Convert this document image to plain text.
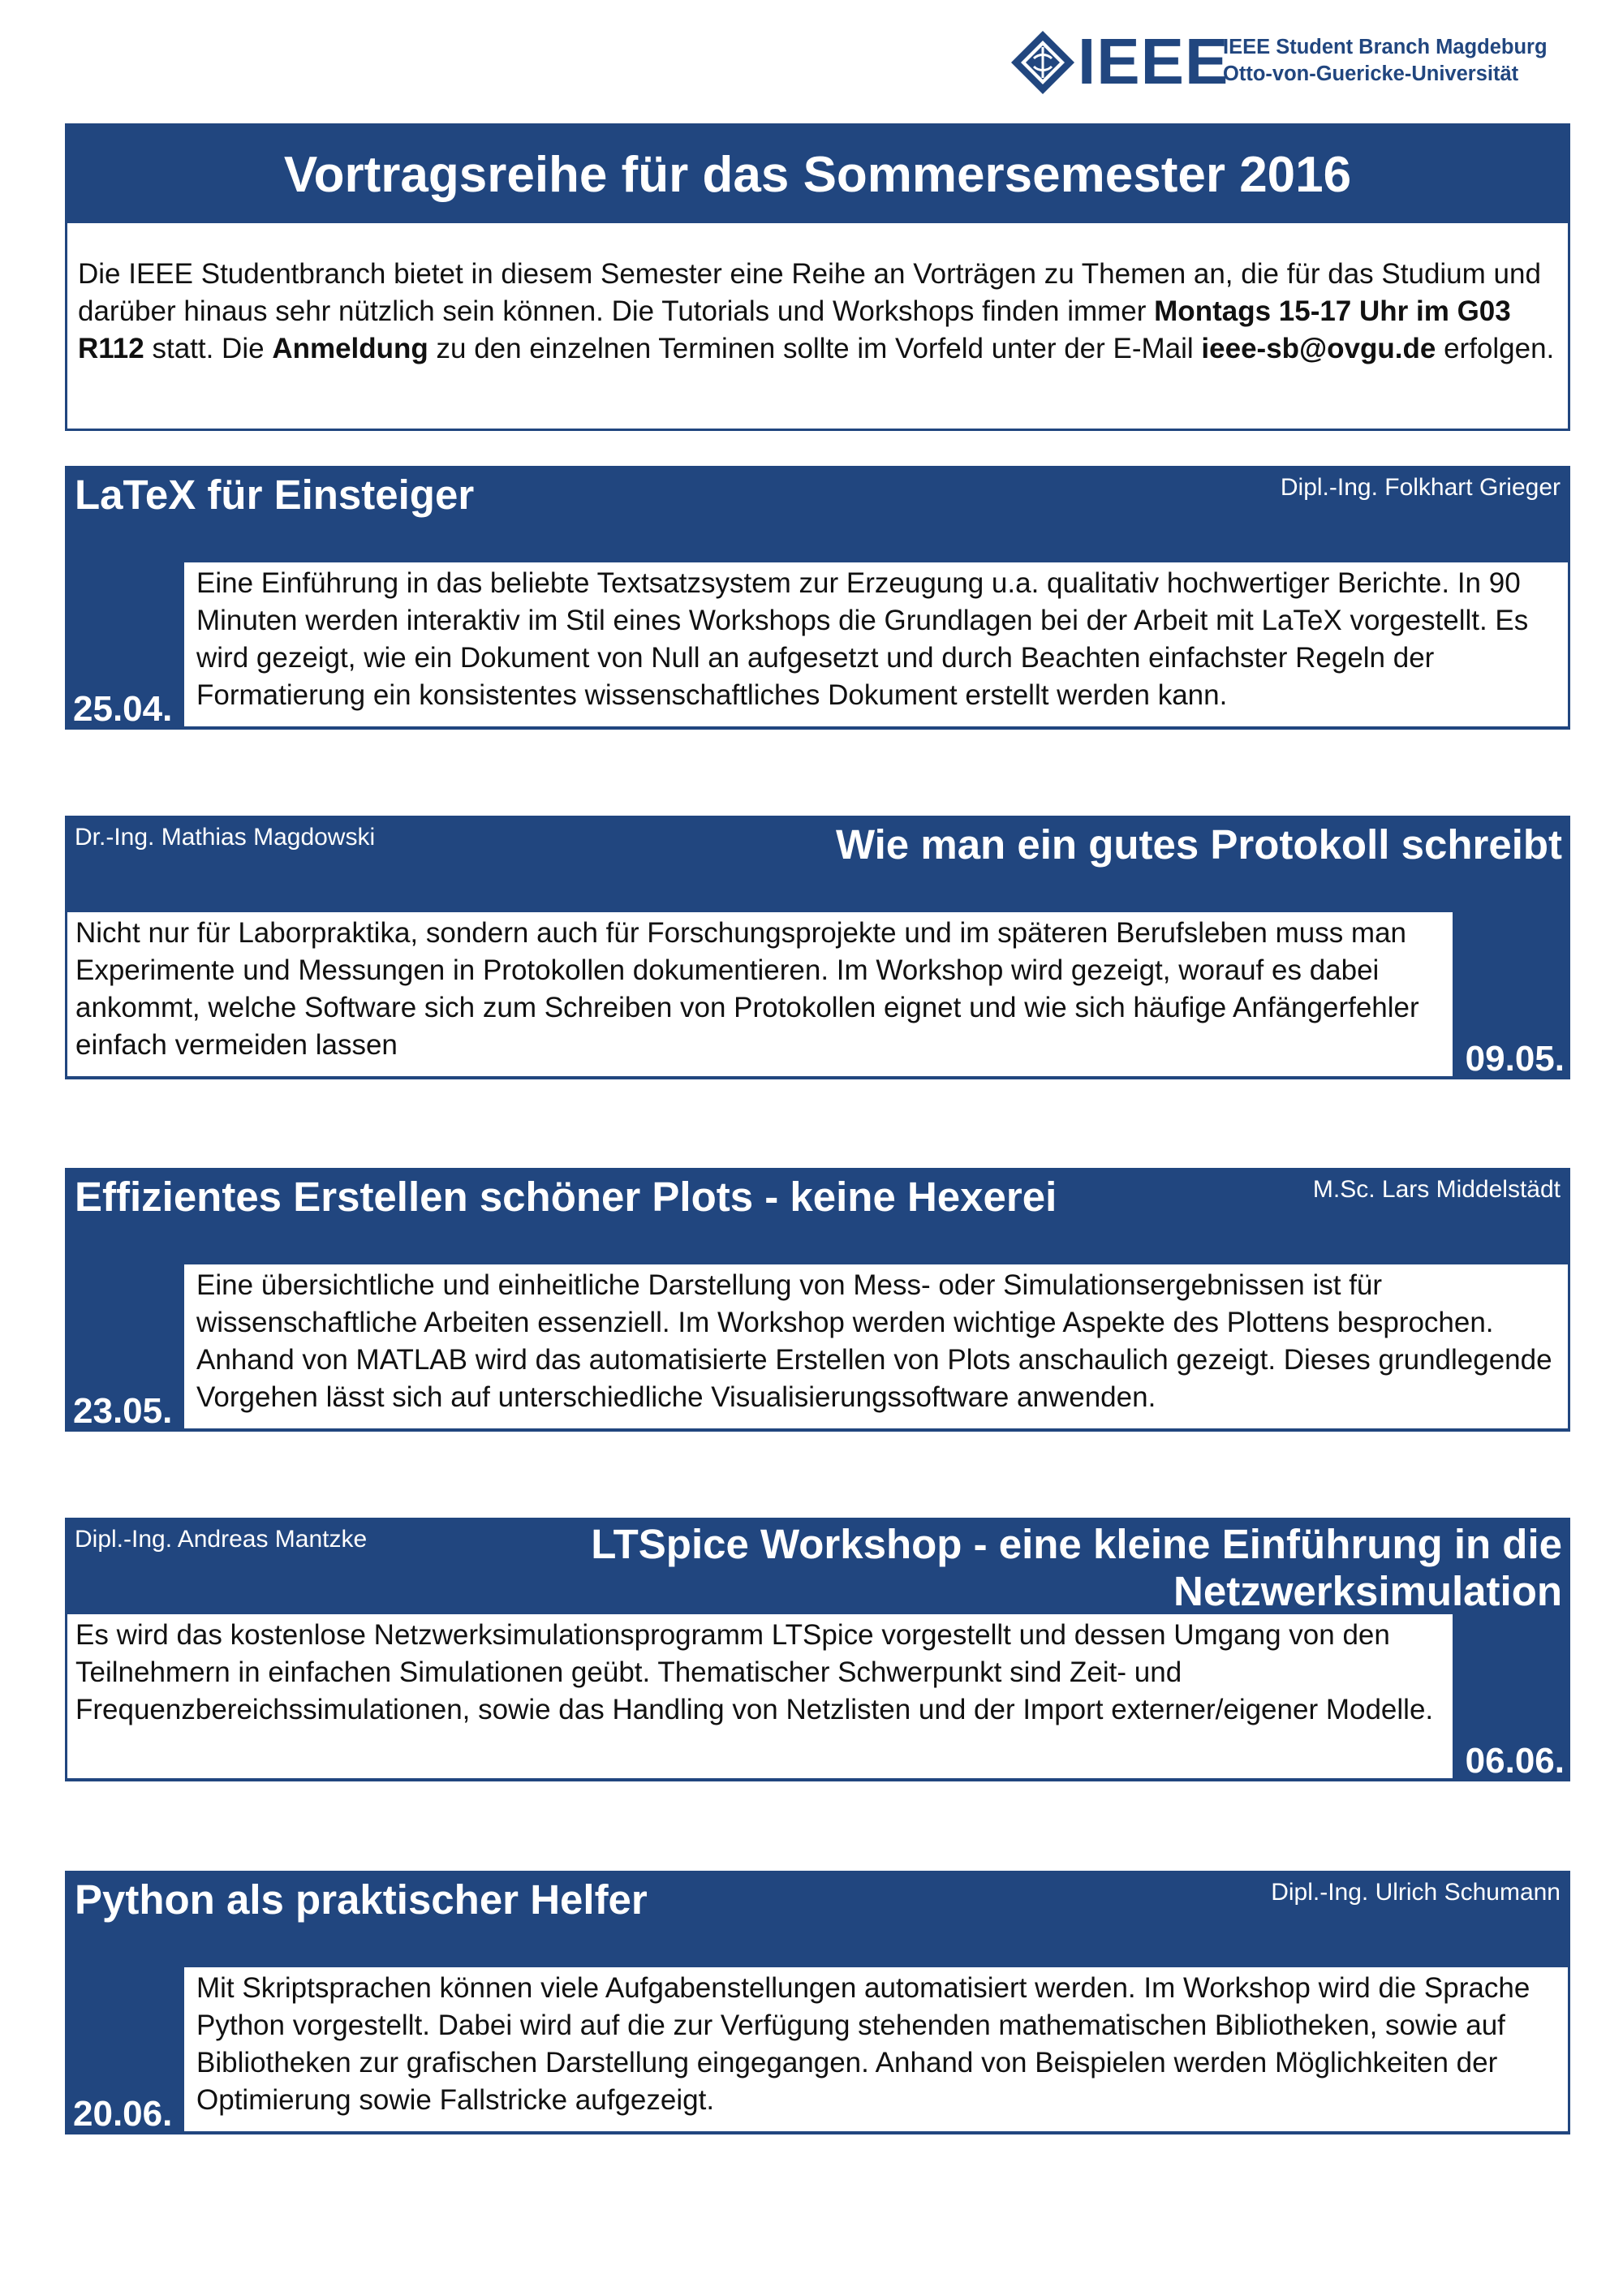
IEEE
IEEE Student Branch Magdeburg
Otto-von-Guericke-Universität
Vortragsreihe für das Sommersemester 2016
Die IEEE Studentbranch bietet in diesem Semester eine Reihe an Vorträgen zu Themen an, die für das Studium und darüber hinaus sehr nützlich sein können. Die Tutorials und Workshops finden immer Montags 15-17 Uhr im G03 R112 statt. Die Anmeldung zu den einzelnen Terminen sollte im Vorfeld unter der E-Mail ieee-sb@ovgu.de erfolgen.
LaTeX für Einsteiger	Dipl.-Ing. Folkhart Grieger
25.04.
Eine Einführung in das beliebte Textsatzsystem zur Erzeugung u.a. qualitativ hochwertiger Berichte. In 90 Minuten werden interaktiv im Stil eines Workshops die Grundlagen bei der Arbeit mit LaTeX vorgestellt. Es wird gezeigt, wie ein Dokument von Null an aufgesetzt und durch Beachten einfachster Regeln der Formatierung ein konsistentes wissenschaftliches Dokument erstellt werden kann.
Wie man ein gutes Protokoll schreibt
Dr.-Ing. Mathias Magdowski
09.05.
Nicht nur für Laborpraktika, sondern auch für Forschungsprojekte und im späteren Berufsleben muss man Experimente und Messungen in Protokollen dokumentieren. Im Workshop wird gezeigt, worauf es dabei ankommt, welche Software sich zum Schreiben von Protokollen eignet und wie sich häufige Anfängerfehler einfach vermeiden lassen
Effizientes Erstellen schöner Plots - keine Hexerei	M.Sc. Lars Middelstädt
23.05.
Eine übersichtliche und einheitliche Darstellung von Mess- oder Simulationsergebnissen ist für wissenschaftliche Arbeiten essenziell. Im Workshop werden wichtige Aspekte des Plottens besprochen. Anhand von MATLAB wird das automatisierte Erstellen von Plots anschaulich gezeigt. Dieses grundlegende Vorgehen lässt sich auf unterschiedliche Visualisierungssoftware anwenden.
LTSpice Workshop - eine kleine Einführung in die
Netzwerksimulation
Dipl.-Ing. Andreas Mantzke
06.06.
Es wird das kostenlose Netzwerksimulationsprogramm LTSpice vorgestellt und dessen Umgang von den Teilnehmern in einfachen Simulationen geübt. Thematischer Schwerpunkt sind Zeit- und Frequenzbereichssimulationen, sowie das Handling von Netzlisten und der Import externer/eigener Modelle.
Python als praktischer Helfer	Dipl.-Ing. Ulrich Schumann
20.06.
Mit Skriptsprachen können viele Aufgabenstellungen automatisiert werden. Im Workshop wird die Sprache Python vorgestellt. Dabei wird auf die zur Verfügung stehenden mathematischen Bibliotheken, sowie auf Bibliotheken zur grafischen Darstellung eingegangen. Anhand von Beispielen werden Möglichkeiten der Optimierung sowie Fallstricke aufgezeigt.
